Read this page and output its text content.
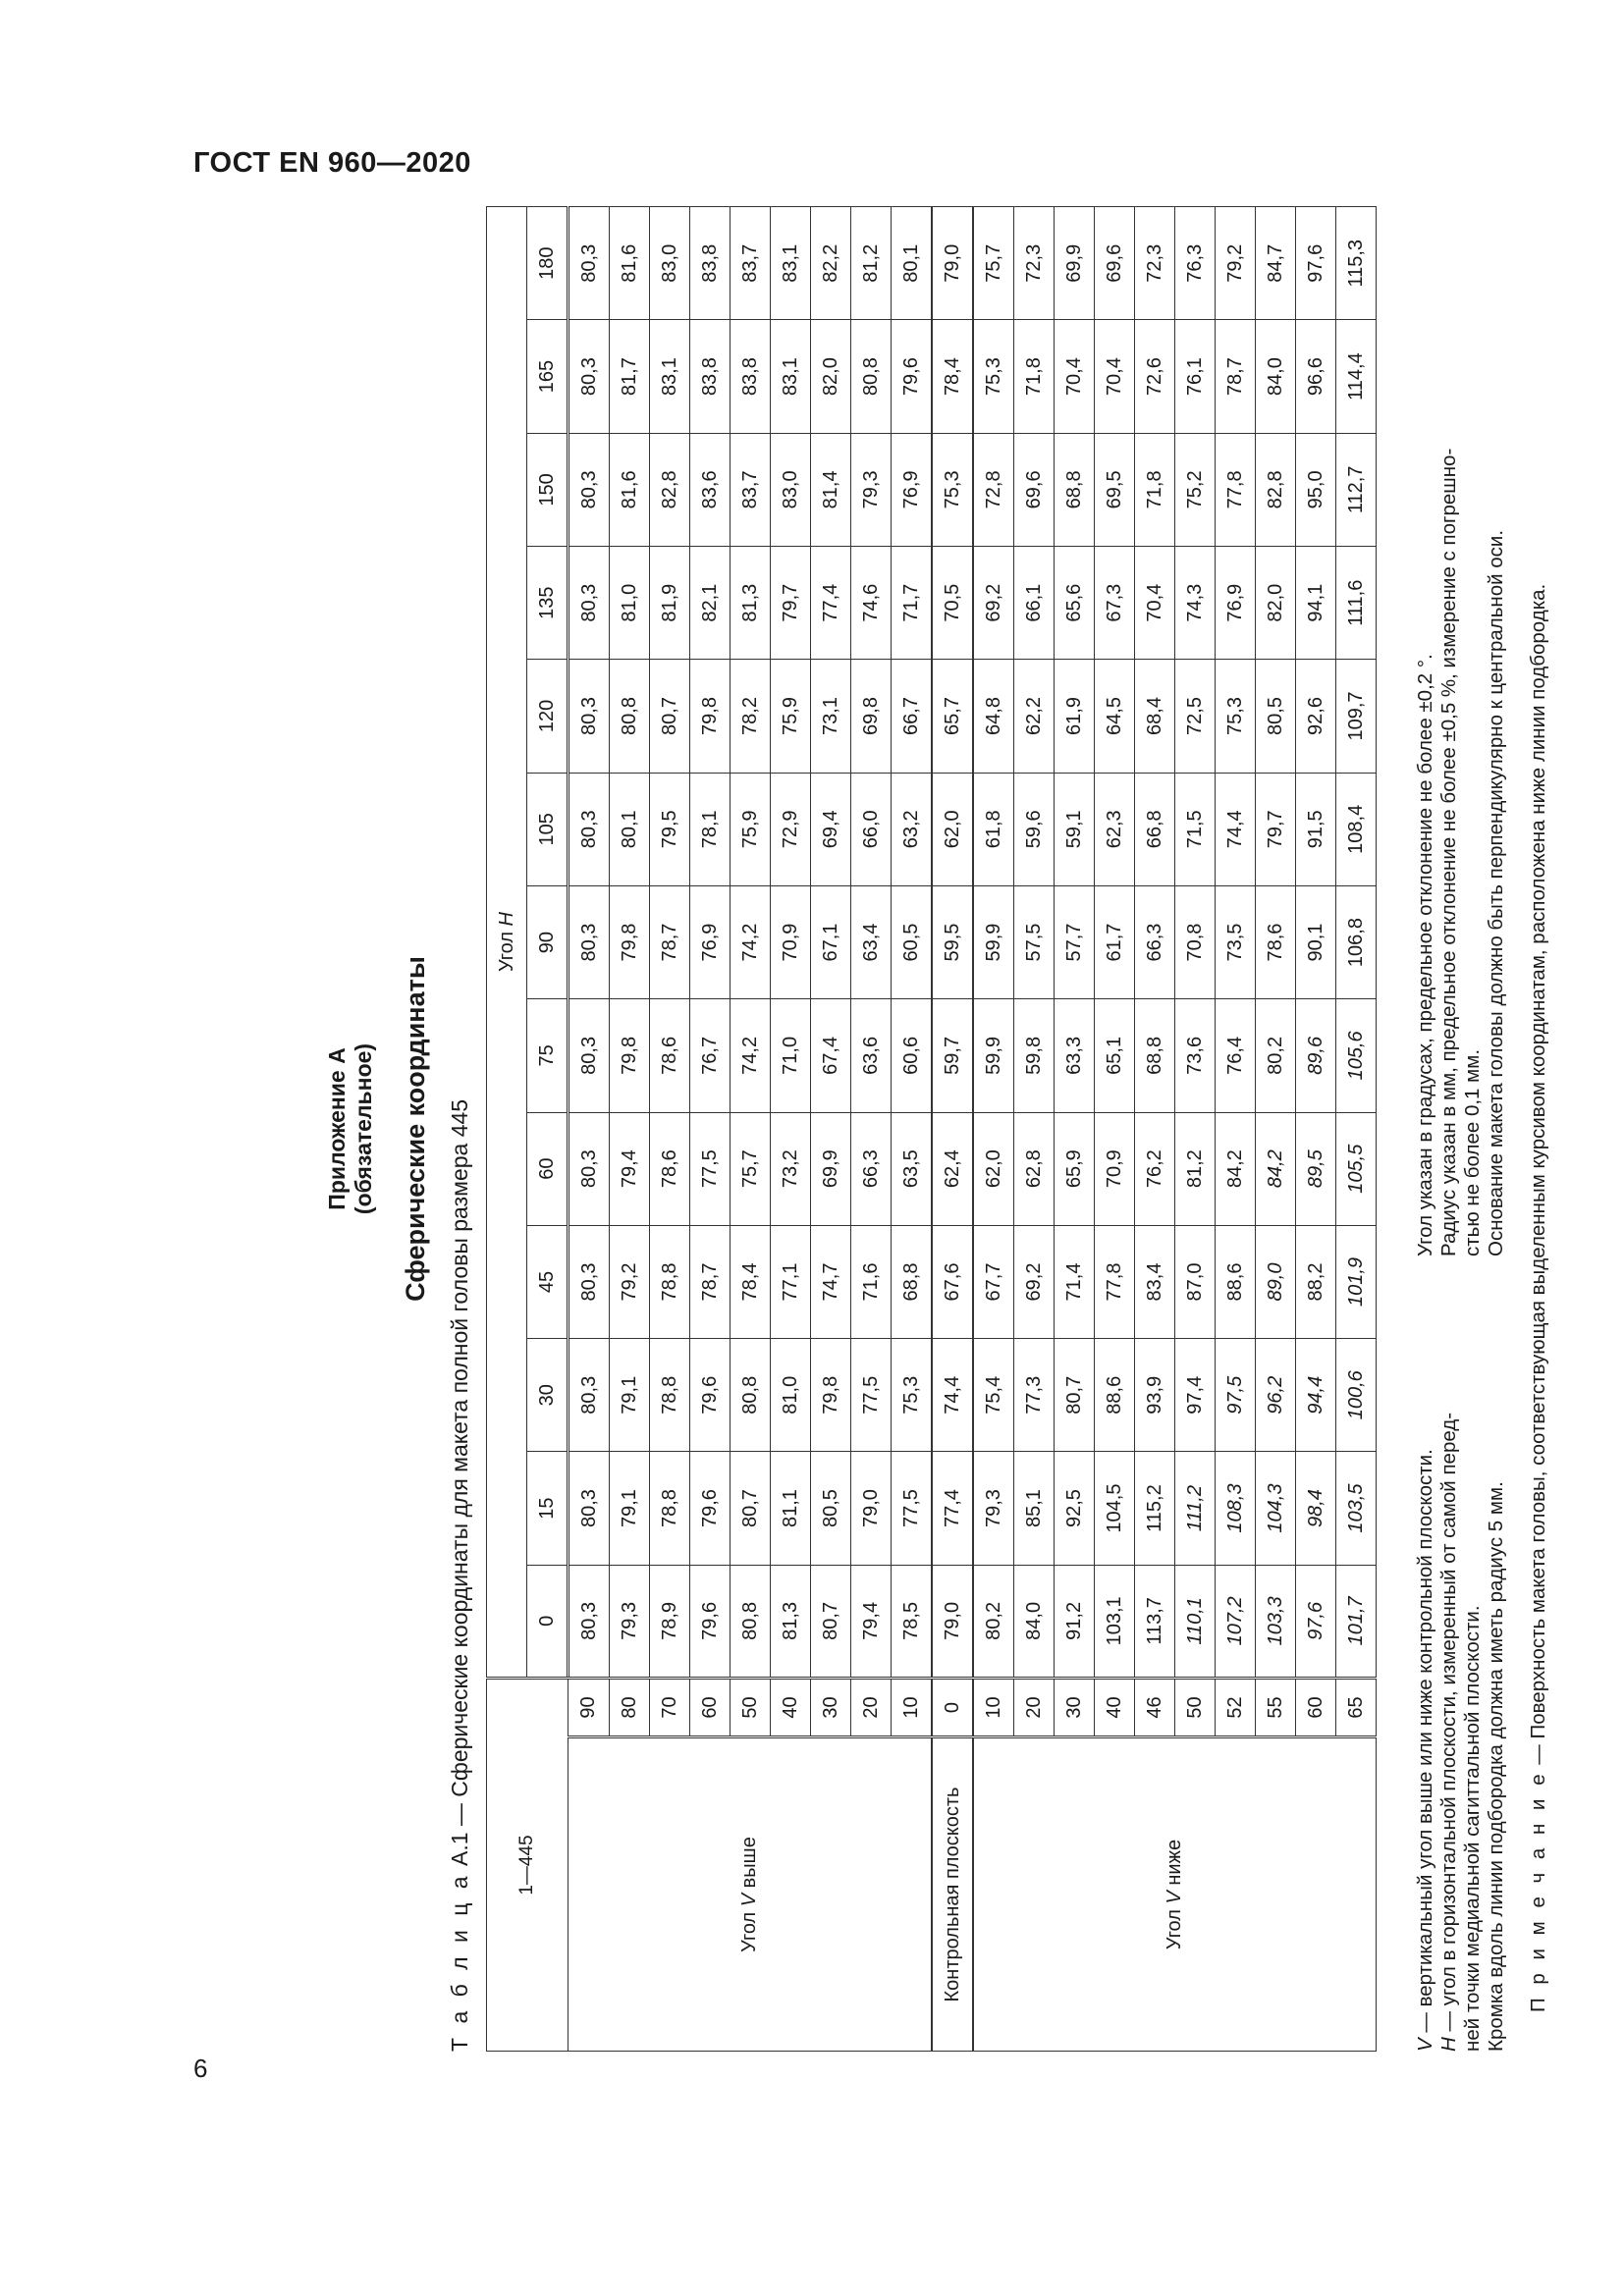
ГОСТ EN 960—2020
6
Приложение А (обязательное) Сферические координаты
Т а б л и ц а А.1 — Сферические координаты для макета полной головы размера 445 1—445		Угол H												
		0	15	30	45	60	75	90	105	120	135	150	165	180
Угол V выше	90	80,3	80,3	80,3	80,3	80,3	80,3	80,3	80,3	80,3	80,3	80,3	80,3	80,3
	80	79,3	79,1	79,1	79,2	79,4	79,8	79,8	80,1	80,8	81,0	81,6	81,7	81,6
	70	78,9	78,8	78,8	78,8	78,6	78,6	78,7	79,5	80,7	81,9	82,8	83,1	83,0
	60	79,6	79,6	79,6	78,7	77,5	76,7	76,9	78,1	79,8	82,1	83,6	83,8	83,8
	50	80,8	80,7	80,8	78,4	75,7	74,2	74,2	75,9	78,2	81,3	83,7	83,8	83,7
	40	81,3	81,1	81,0	77,1	73,2	71,0	70,9	72,9	75,9	79,7	83,0	83,1	83,1
	30	80,7	80,5	79,8	74,7	69,9	67,4	67,1	69,4	73,1	77,4	81,4	82,0	82,2
	20	79,4	79,0	77,5	71,6	66,3	63,6	63,4	66,0	69,8	74,6	79,3	80,8	81,2
	10	78,5	77,5	75,3	68,8	63,5	60,6	60,5	63,2	66,7	71,7	76,9	79,6	80,1
Контрольная плоскость	0	79,0	77,4	74,4	67,6	62,4	59,7	59,5	62,0	65,7	70,5	75,3	78,4	79,0
Угол V ниже	10	80,2	79,3	75,4	67,7	62,0	59,9	59,9	61,8	64,8	69,2	72,8	75,3	75,7
	20	84,0	85,1	77,3	69,2	62,8	59,8	57,5	59,6	62,2	66,1	69,6	71,8	72,3
	30	91,2	92,5	80,7	71,4	65,9	63,3	57,7	59,1	61,9	65,6	68,8	70,4	69,9
	40	103,1	104,5	88,6	77,8	70,9	65,1	61,7	62,3	64,5	67,3	69,5	70,4	69,6
	46	113,7	115,2	93,9	83,4	76,2	68,8	66,3	66,8	68,4	70,4	71,8	72,6	72,3
	50	110,1	111,2	97,4	87,0	81,2	73,6	70,8	71,5	72,5	74,3	75,2	76,1	76,3
	52	107,2	108,3	97,5	88,6	84,2	76,4	73,5	74,4	75,3	76,9	77,8	78,7	79,2
	55	103,3	104,3	96,2	89,0	84,2	80,2	78,6	79,7	80,5	82,0	82,8	84,0	84,7
	60	97,6	98,4	94,4	88,2	89,5	89,6	90,1	91,5	92,6	94,1	95,0	96,6	97,6
	65	101,7	103,5	100,6	101,9	105,5	105,6	106,8	108,4	109,7	111,6	112,7	114,4	115,3
V — вертикальный угол выше или ниже контрольной плоскости.
H — угол в горизонтальной плоскости, измеренный от самой перед- ней точки медиальной сагиттальной плоскости. Кромка вдоль линии подбородка должна иметь радиус 5 мм.
Угол указан в градусах, предельное отклонение не более ±0,2 °. Радиус указан в мм, предельное отклонение не более ±0,5 %, измерение с погрешно- стью не более 0,1 мм. Основание макета головы должно быть перпендикулярно к центральной оси.
П р и м е ч а н и е — Поверхность макета головы, соответствующая выделенным курсивом координатам, расположена ниже линии подбородка.
